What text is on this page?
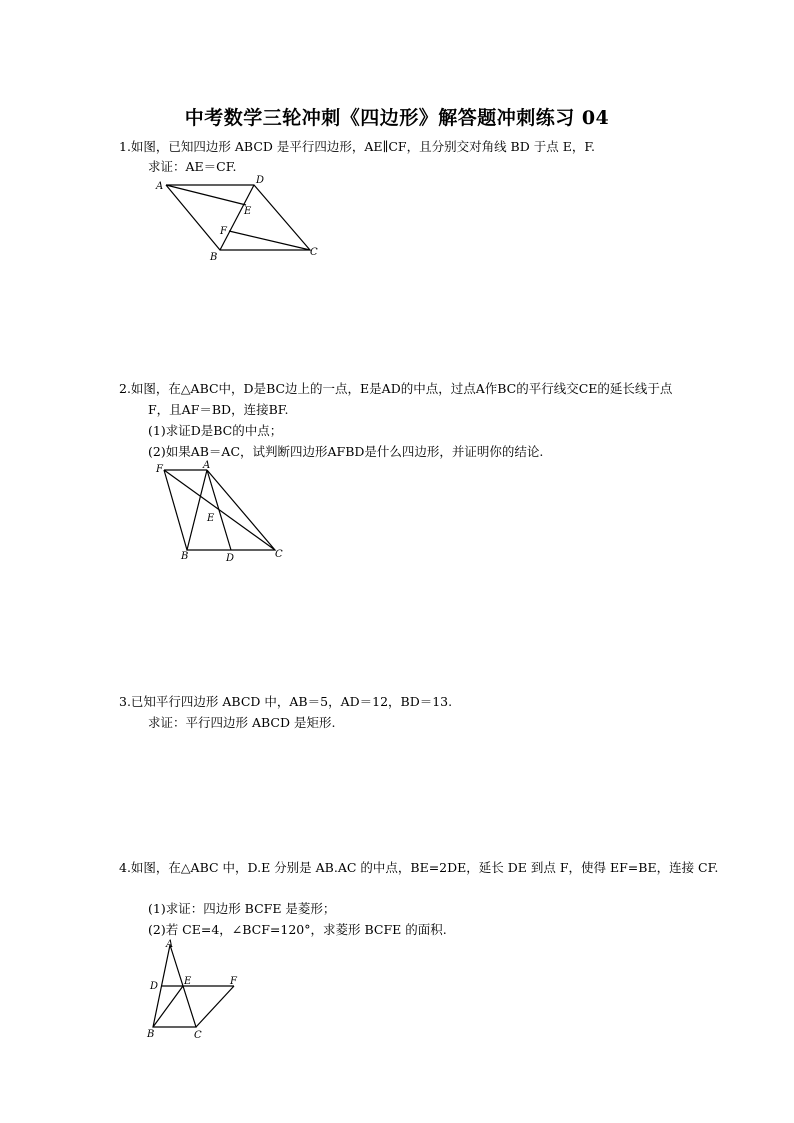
中考数学三轮冲刺《四边形》解答题冲刺练习 04
1.如图，已知四边形 ABCD 是平行四边形，AE∥CF，且分别交对角线 BD 于点 E，F.
求证：AE＝CF.
A
D
E
F
B	C
2.如图，在△ABC中，D是BC边上的一点，E是AD的中点，过点A作BC的平行线交CE的延长线于点
F，且AF＝BD，连接BF.
(1)求证D是BC的中点；
(2)如果AB＝AC，试判断四边形AFBD是什么四边形，并证明你的结论.
F	A
E
B	D	C
3.已知平行四边形 ABCD 中，AB＝5，AD＝12，BD＝13.
求证：平行四边形 ABCD 是矩形.
4.如图，在△ABC 中，D.E 分别是 AB.AC 的中点，BE=2DE，延长 DE 到点 F，使得 EF=BE，连接 CF.
(1)求证：四边形 BCFE 是菱形；
(2)若 CE=4，∠BCF=120°，求菱形 BCFE 的面积.
A
D	E	F
B	C
